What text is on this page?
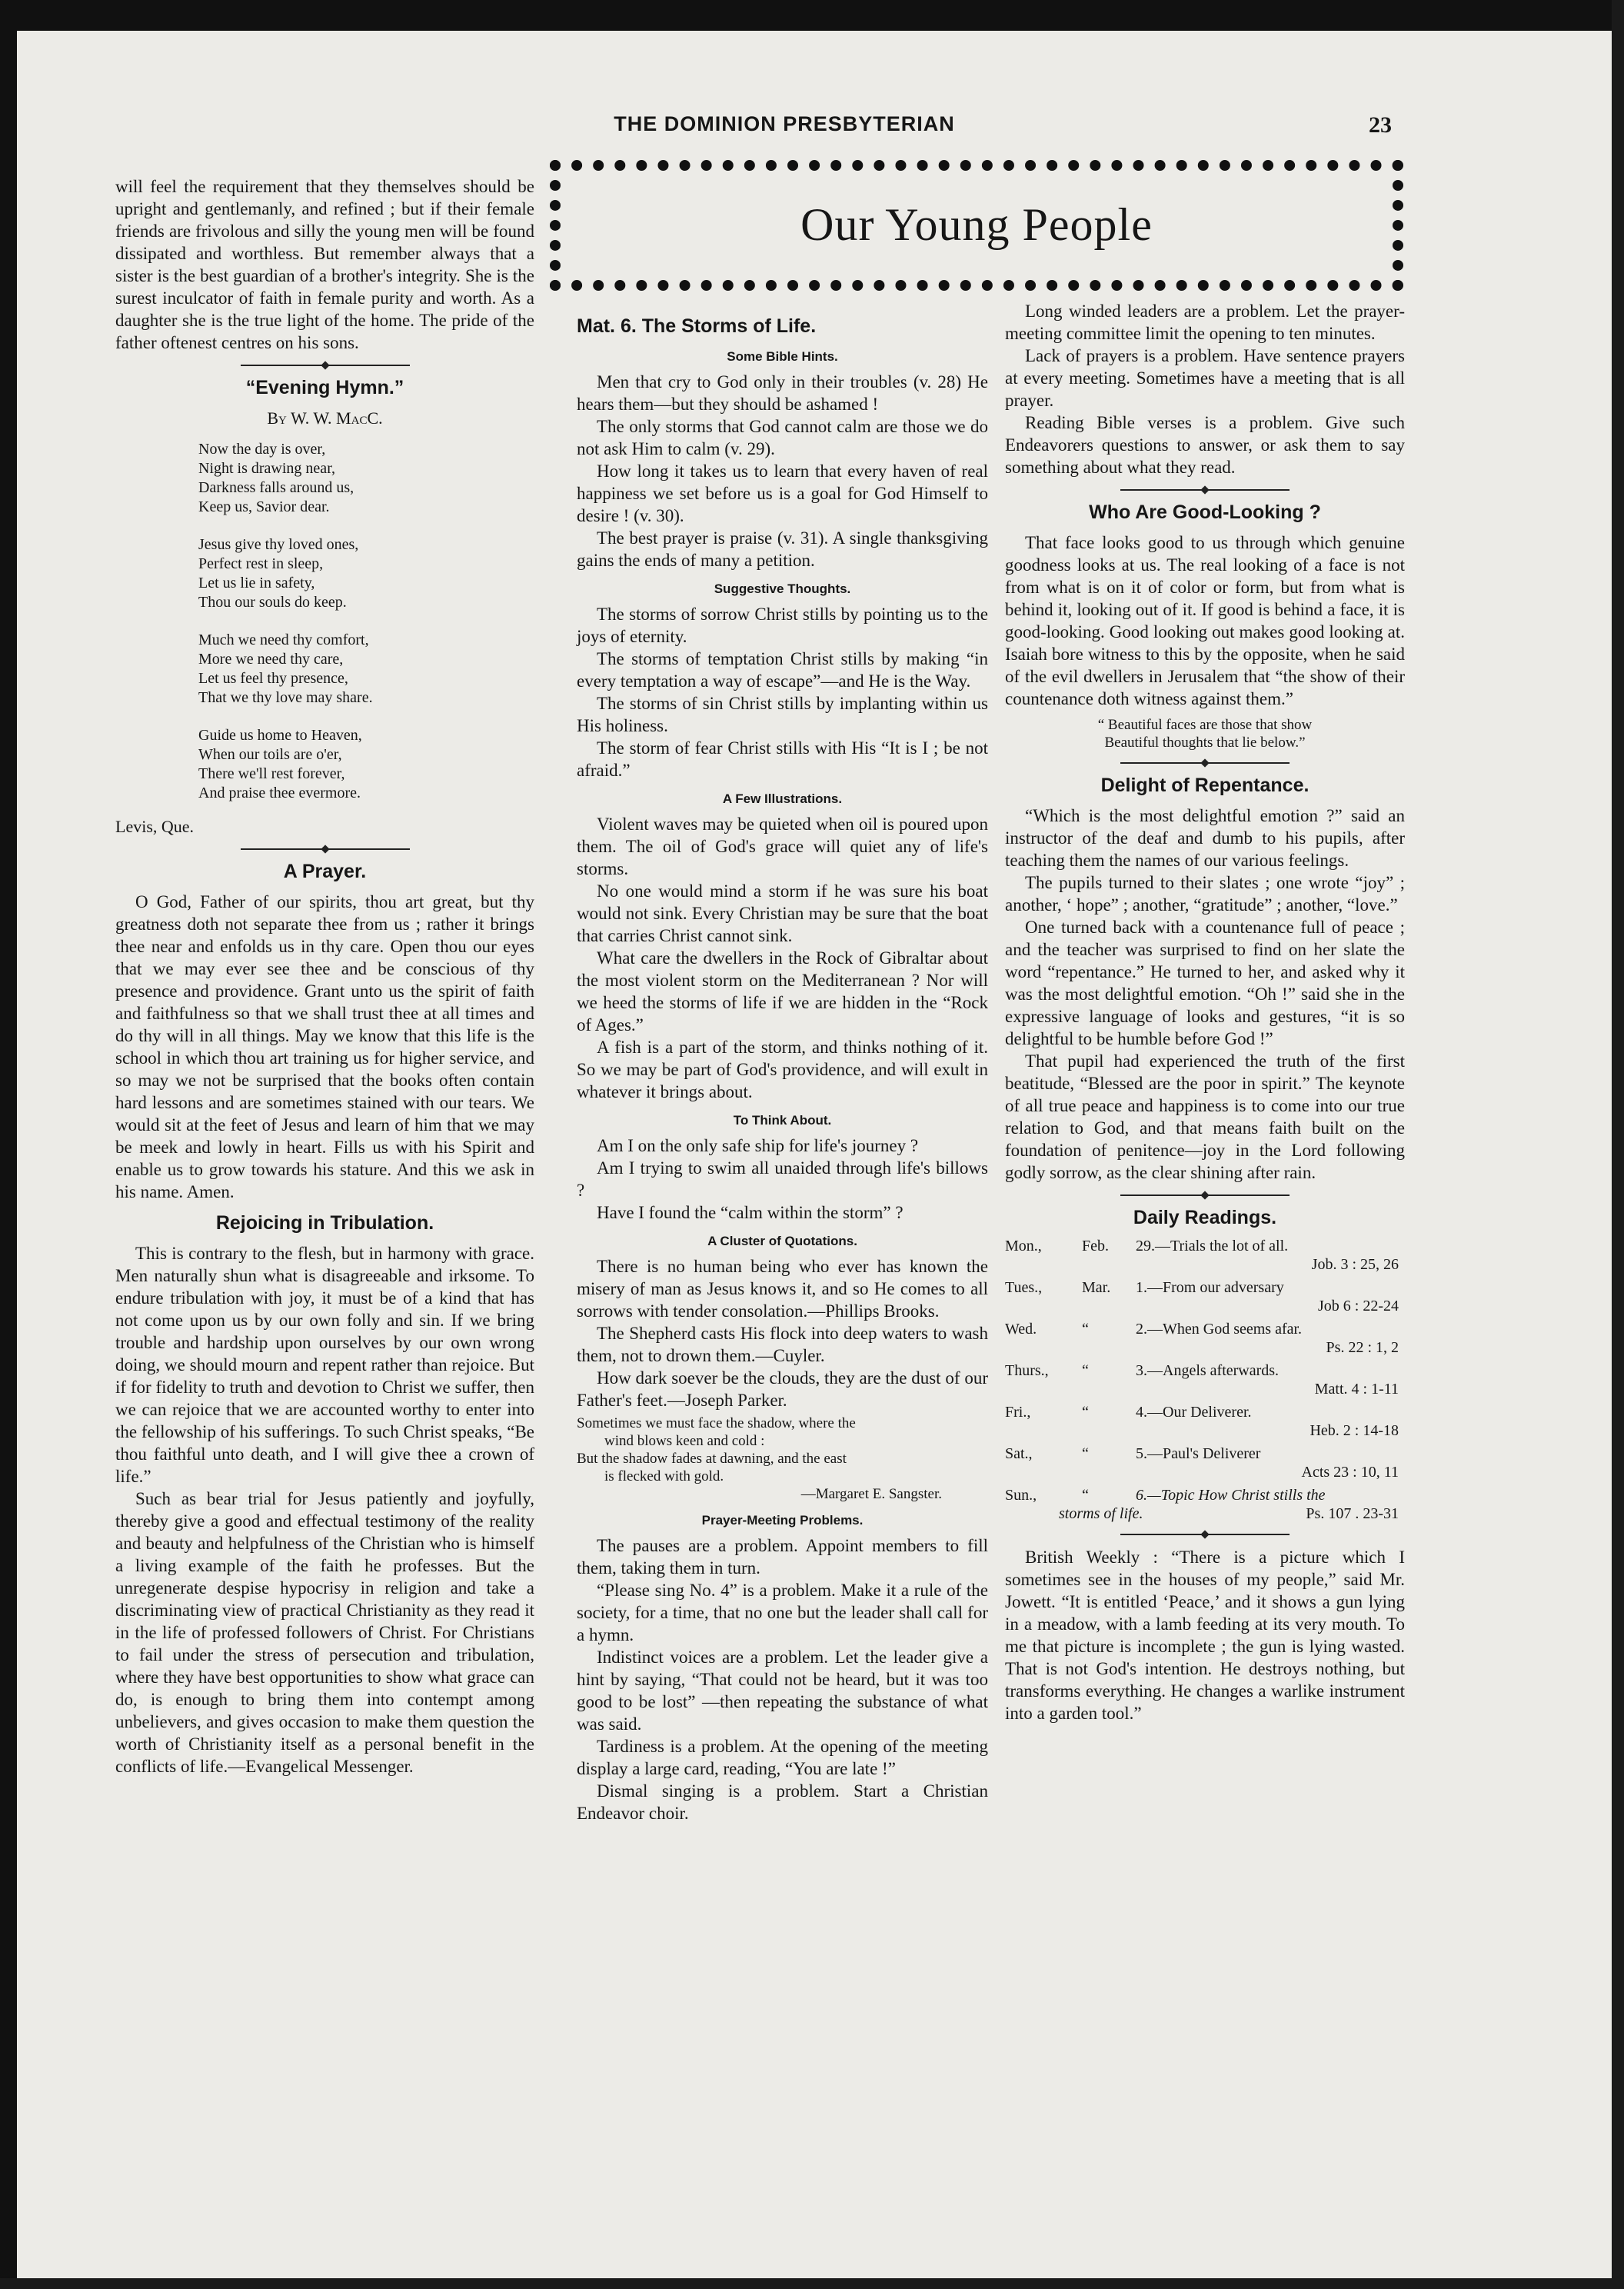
THE DOMINION PRESBYTERIAN	23
Our Young People

will feel the requirement that they themselves should be upright and gentlemanly, and refined ; but if their female friends are frivolous and silly the young men will be found dissipated and worthless. But remember always that a sister is the best guardian of a brother's integrity. She is the surest inculcator of faith in female purity and worth. As a daughter she is the true light of the home. The pride of the father oftenest centres on his sons.

“Evening Hymn.”
By W. W. MacC.
Now the day is over,
Night is drawing near,
Darkness falls around us,
Keep us, Savior dear.
Jesus give thy loved ones,
Perfect rest in sleep,
Let us lie in safety,
Thou our souls do keep.
Much we need thy comfort,
More we need thy care,
Let us feel thy presence,
That we thy love may share.
Guide us home to Heaven,
When our toils are o'er,
There we'll rest forever,
And praise thee evermore.
Levis, Que.
A Prayer.

O God, Father of our spirits, thou art great, but thy greatness doth not separate thee from us ; rather it brings thee near and enfolds us in thy care. Open thou our eyes that we may ever see thee and be conscious of thy presence and providence. Grant unto us the spirit of faith and faithfulness so that we shall trust thee at all times and do thy will in all things. May we know that this life is the school in which thou art training us for higher service, and so may we not be surprised that the books often contain hard lessons and are sometimes stained with our tears. We would sit at the feet of Jesus and learn of him that we may be meek and lowly in heart. Fills us with his Spirit and enable us to grow towards his stature. And this we ask in his name. Amen.

Rejoicing in Tribulation.

This is contrary to the flesh, but in harmony with grace. Men naturally shun what is disagreeable and irksome. To endure tribulation with joy, it must be of a kind that has not come upon us by our own folly and sin. If we bring trouble and hardship upon ourselves by our own wrong doing, we should mourn and repent rather than rejoice. But if for fidelity to truth and devotion to Christ we suffer, then we can rejoice that we are accounted worthy to enter into the fellowship of his sufferings. To such Christ speaks, “Be thou faithful unto death, and I will give thee a crown of life.”

Such as bear trial for Jesus patiently and joyfully, thereby give a good and effectual testimony of the reality and beauty and helpfulness of the Christian who is himself a living example of the faith he professes. But the unregenerate despise hypocrisy in religion and take a discriminating view of practical Christianity as they read it in the life of professed followers of Christ. For Christians to fail under the stress of persecution and tribulation, where they have best opportunities to show what grace can do, is enough to bring them into contempt among unbelievers, and gives occasion to make them question the worth of Christianity itself as a personal benefit in the conflicts of life.—Evangelical Messenger.

Mat. 6. The Storms of Life.
Some Bible Hints.

Men that cry to God only in their troubles (v. 28) He hears them—but they should be ashamed !

The only storms that God cannot calm are those we do not ask Him to calm (v. 29).

How long it takes us to learn that every haven of real happiness we set before us is a goal for God Himself to desire ! (v. 30).

The best prayer is praise (v. 31). A single thanksgiving gains the ends of many a petition.

Suggestive Thoughts.

The storms of sorrow Christ stills by pointing us to the joys of eternity.

The storms of temptation Christ stills by making “in every temptation a way of escape”—and He is the Way.

The storms of sin Christ stills by implanting within us His holiness.

The storm of fear Christ stills with His “It is I ; be not afraid.”

A Few Illustrations.

Violent waves may be quieted when oil is poured upon them. The oil of God's grace will quiet any of life's storms.

No one would mind a storm if he was sure his boat would not sink. Every Christian may be sure that the boat that carries Christ cannot sink.

What care the dwellers in the Rock of Gibraltar about the most violent storm on the Mediterranean ? Nor will we heed the storms of life if we are hidden in the “Rock of Ages.”

A fish is a part of the storm, and thinks nothing of it. So we may be part of God's providence, and will exult in whatever it brings about.

To Think About.

Am I on the only safe ship for life's journey ?

Am I trying to swim all unaided through life's billows ?

Have I found the “calm within the storm” ?

A Cluster of Quotations.

There is no human being who ever has known the misery of man as Jesus knows it, and so He comes to all sorrows with tender consolation.—Phillips Brooks.

The Shepherd casts His flock into deep waters to wash them, not to drown them.—Cuyler.

How dark soever be the clouds, they are the dust of our Father's feet.—Joseph Parker.

Sometimes we must face the shadow, where the
wind blows keen and cold :
But the shadow fades at dawning, and the east
is flecked with gold.
—Margaret E. Sangster.
Prayer-Meeting Problems.

The pauses are a problem. Appoint members to fill them, taking them in turn.

“Please sing No. 4” is a problem. Make it a rule of the society, for a time, that no one but the leader shall call for a hymn.

Indistinct voices are a problem. Let the leader give a hint by saying, “That could not be heard, but it was too good to be lost” —then repeating the substance of what was said.

Tardiness is a problem. At the opening of the meeting display a large card, reading, “You are late !”

Dismal singing is a problem. Start a Christian Endeavor choir.

Long winded leaders are a problem. Let the prayer-meeting committee limit the opening to ten minutes.

Lack of prayers is a problem. Have sentence prayers at every meeting. Sometimes have a meeting that is all prayer.

Reading Bible verses is a problem. Give such Endeavorers questions to answer, or ask them to say something about what they read.

Who Are Good-Looking ?

That face looks good to us through which genuine goodness looks at us. The real looking of a face is not from what is on it of color or form, but from what is behind it, looking out of it. If good is behind a face, it is good-looking. Good looking out makes good looking at. Isaiah bore witness to this by the opposite, when he said of the evil dwellers in Jerusalem that “the show of their countenance doth witness against them.”

“ Beautiful faces are those that show
Beautiful thoughts that lie below.”
Delight of Repentance.

“Which is the most delightful emotion ?” said an instructor of the deaf and dumb to his pupils, after teaching them the names of our various feelings.

The pupils turned to their slates ; one wrote “joy” ; another, ‘ hope” ; another, “gratitude” ; another, “love.”

One turned back with a countenance full of peace ; and the teacher was surprised to find on her slate the word “repentance.” He turned to her, and asked why it was the most delightful emotion. “Oh !” said she in the expressive language of looks and gestures, “it is so delightful to be humble before God !”

That pupil had experienced the truth of the first beatitude, “Blessed are the poor in spirit.” The keynote of all true peace and happiness is to come into our true relation to God, and that means faith built on the foundation of penitence—joy in the Lord following godly sorrow, as the clear shining after rain.

Daily Readings.
Mon.,	Feb.	29.—Trials the lot of all.
Job. 3 : 25, 26
Tues.,	Mar.	1.—From our adversary
Job 6 : 22-24
Wed.	“	2.—When God seems afar.
Ps. 22 : 1, 2
Thurs.,	“	3.—Angels afterwards.
Matt. 4 : 1-11
Fri.,	“	4.—Our Deliverer.
Heb. 2 : 14-18
Sat.,	“	5.—Paul's Deliverer
Acts 23 : 10, 11
Sun.,	“	6.—Topic How Christ stills the
storms of life.	Ps. 107 . 23-31

British Weekly : “There is a picture which I sometimes see in the houses of my people,” said Mr. Jowett. “It is entitled ‘Peace,’ and it shows a gun lying in a meadow, with a lamb feeding at its very mouth. To me that picture is incomplete ; the gun is lying wasted. That is not God's intention. He destroys nothing, but transforms everything. He changes a warlike instrument into a garden tool.”
